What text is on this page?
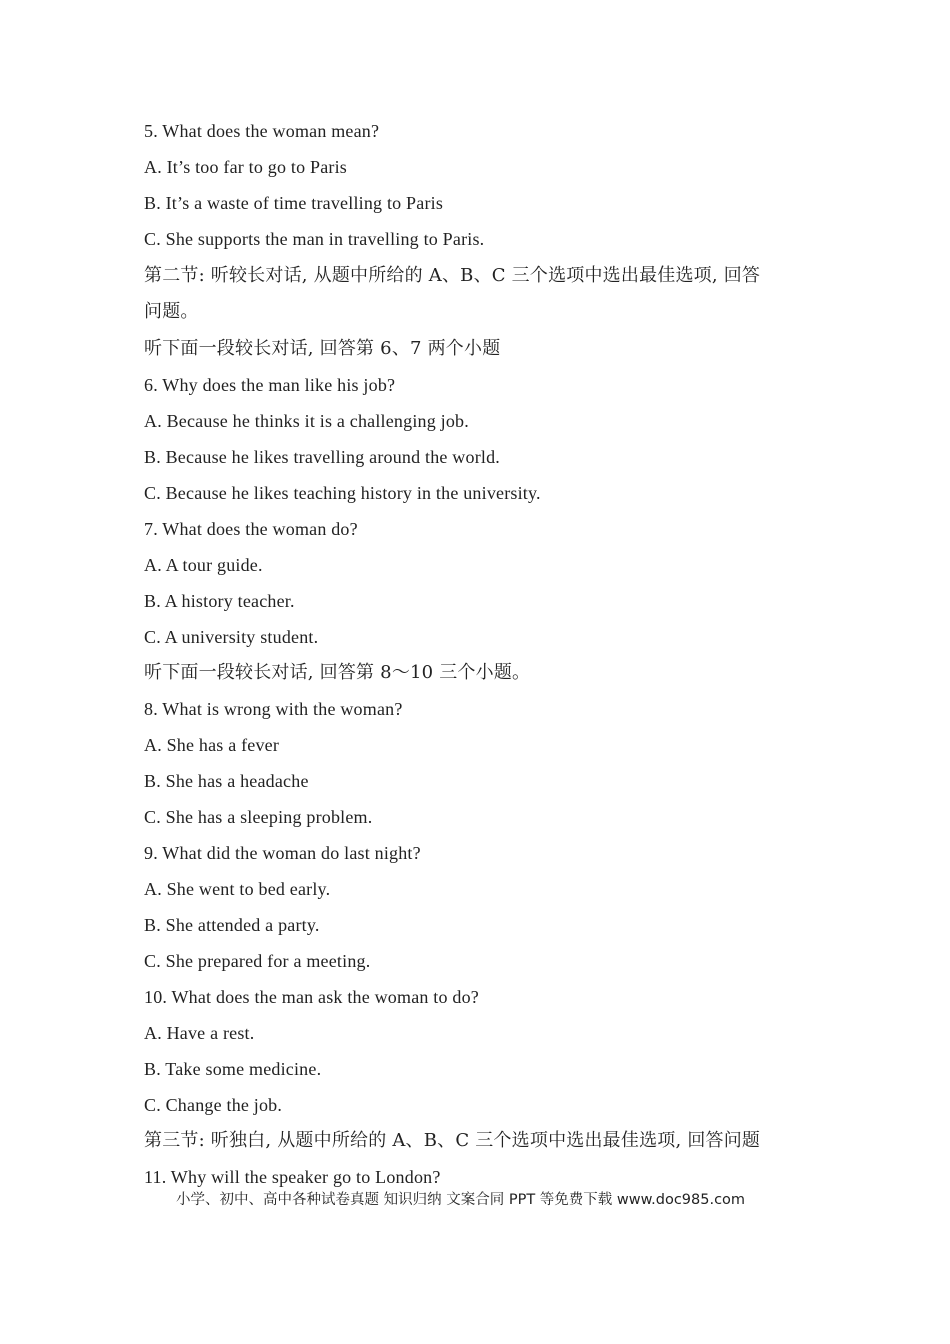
5. What does the woman mean?
A. It’s too far to go to Paris
B. It’s a waste of time travelling to Paris
C. She supports the man in travelling to Paris.
第二节: 听较长对话, 从题中所给的 A、B、C 三个选项中选出最佳选项, 回答
问题。
听下面一段较长对话, 回答第 6、7 两个小题
6. Why does the man like his job?
A. Because he thinks it is a challenging job.
B. Because he likes travelling around the world.
C. Because he likes teaching history in the university.
7. What does the woman do?
A. A tour guide.
B. A history teacher.
C. A university student.
听下面一段较长对话, 回答第 8～10 三个小题。
8. What is wrong with the woman?
A. She has a fever
B. She has a headache
C. She has a sleeping problem.
9. What did the woman do last night?
A. She went to bed early.
B. She attended a party.
C. She prepared for a meeting.
10. What does the man ask the woman to do?
A. Have a rest.
B. Take some medicine.
C. Change the job.
第三节: 听独白, 从题中所给的 A、B、C 三个选项中选出最佳选项, 回答问题
11. Why will the speaker go to London?
小学、初中、高中各种试卷真题 知识归纳 文案合同 PPT 等免费下载 www.doc985.com
